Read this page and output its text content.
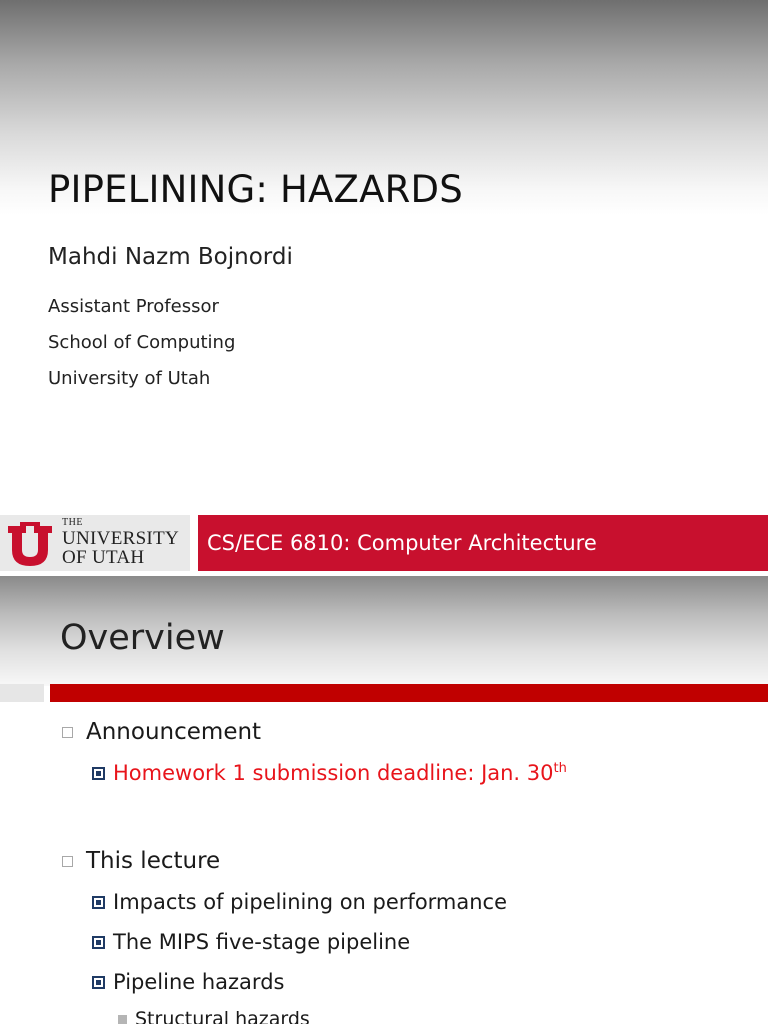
PIPELINING: HAZARDS
Mahdi Nazm Bojnordi
Assistant Professor
School of Computing
University of Utah
THE
UNIVERSITY
OF UTAH
CS/ECE 6810: Computer Architecture
Overview
Announcement
Homework 1 submission deadline: Jan. 30th
This lecture
Impacts of pipelining on performance
The MIPS five-stage pipeline
Pipeline hazards
Structural hazards
